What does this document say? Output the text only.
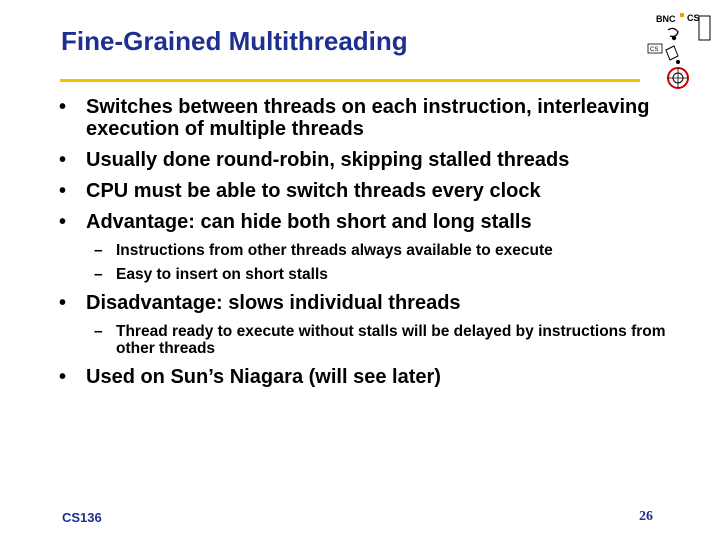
Fine-Grained Multithreading
BNC CS
CS
• Switches between threads on each instruction, interleaving execution of multiple threads
• Usually done round-robin, skipping stalled threads
• CPU must be able to switch threads every clock
• Advantage: can hide both short and long stalls
– Instructions from other threads always available to execute
– Easy to insert on short stalls
• Disadvantage: slows individual threads
– Thread ready to execute without stalls will be delayed by instructions from other threads
• Used on Sun’s Niagara (will see later)
CS136	26
